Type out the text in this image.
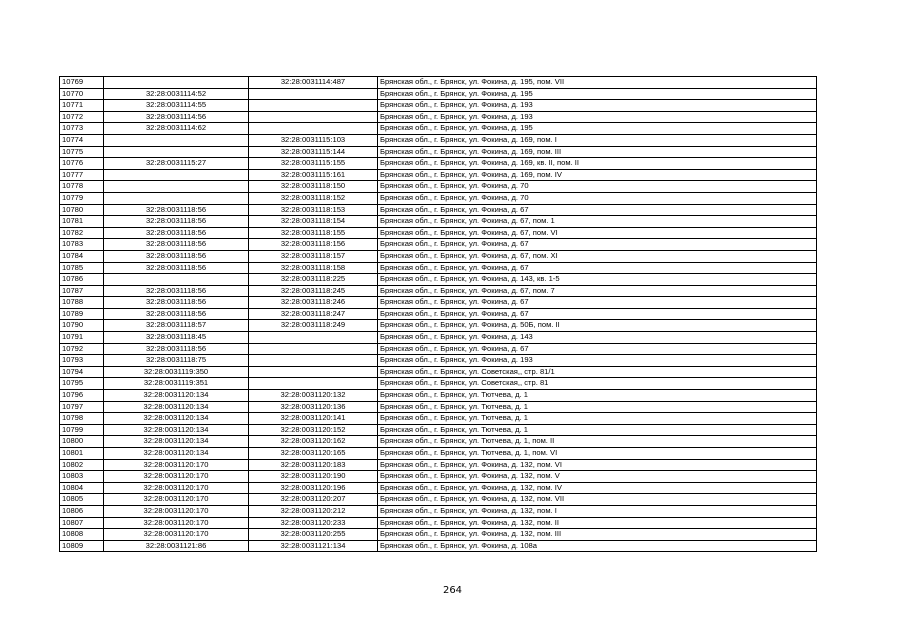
10769		32:28:0031114:487	Брянская обл., г. Брянск, ул. Фокина, д. 195, пом. VII
10770	32:28:0031114:52		Брянская обл., г. Брянск, ул. Фокина, д. 195
10771	32:28:0031114:55		Брянская обл., г. Брянск, ул. Фокина, д. 193
10772	32:28:0031114:56		Брянская обл., г. Брянск, ул. Фокина, д. 193
10773	32:28:0031114:62		Брянская обл., г. Брянск, ул. Фокина, д. 195
10774		32:28:0031115:103	Брянская обл., г. Брянск, ул. Фокина, д. 169, пом. I
10775		32:28:0031115:144	Брянская обл., г. Брянск, ул. Фокина, д. 169, пом. III
10776	32:28:0031115:27	32:28:0031115:155	Брянская обл., г. Брянск, ул. Фокина, д. 169, кв. II, пом. II
10777		32:28:0031115:161	Брянская обл., г. Брянск, ул. Фокина, д. 169, пом. IV
10778		32:28:0031118:150	Брянская обл., г. Брянск, ул. Фокина, д. 70
10779		32:28:0031118:152	Брянская обл., г. Брянск, ул. Фокина, д. 70
10780	32:28:0031118:56	32:28:0031118:153	Брянская обл., г. Брянск, ул. Фокина, д. 67
10781	32:28:0031118:56	32:28:0031118:154	Брянская обл., г. Брянск, ул. Фокина, д. 67, пом. 1
10782	32:28:0031118:56	32:28:0031118:155	Брянская обл., г. Брянск, ул. Фокина, д. 67, пом. VI
10783	32:28:0031118:56	32:28:0031118:156	Брянская обл., г. Брянск, ул. Фокина, д. 67
10784	32:28:0031118:56	32:28:0031118:157	Брянская обл., г. Брянск, ул. Фокина, д. 67, пом. XI
10785	32:28:0031118:56	32:28:0031118:158	Брянская обл., г. Брянск, ул. Фокина, д. 67
10786		32:28:0031118:225	Брянская обл., г. Брянск, ул. Фокина, д. 143, кв. 1-5
10787	32:28:0031118:56	32:28:0031118:245	Брянская обл., г. Брянск, ул. Фокина, д. 67, пом. 7
10788	32:28:0031118:56	32:28:0031118:246	Брянская обл., г. Брянск, ул. Фокина, д. 67
10789	32:28:0031118:56	32:28:0031118:247	Брянская обл., г. Брянск, ул. Фокина, д. 67
10790	32:28:0031118:57	32:28:0031118:249	Брянская обл., г. Брянск, ул. Фокина, д. 50Б, пом. II
10791	32:28:0031118:45		Брянская обл., г. Брянск, ул. Фокина, д. 143
10792	32:28:0031118:56		Брянская обл., г. Брянск, ул. Фокина, д. 67
10793	32:28:0031118:75		Брянская обл., г. Брянск, ул. Фокина, д. 193
10794	32:28:0031119:350		Брянская обл., г. Брянск, ул. Советская,, стр. 81/1
10795	32:28:0031119:351		Брянская обл., г. Брянск, ул. Советская,, стр. 81
10796	32:28:0031120:134	32:28:0031120:132	Брянская обл., г. Брянск, ул. Тютчева, д. 1
10797	32:28:0031120:134	32:28:0031120:136	Брянская обл., г. Брянск, ул. Тютчева, д. 1
10798	32:28:0031120:134	32:28:0031120:141	Брянская обл., г. Брянск, ул. Тютчева, д. 1
10799	32:28:0031120:134	32:28:0031120:152	Брянская обл., г. Брянск, ул. Тютчева, д. 1
10800	32:28:0031120:134	32:28:0031120:162	Брянская обл., г. Брянск, ул. Тютчева, д. 1, пом. II
10801	32:28:0031120:134	32:28:0031120:165	Брянская обл., г. Брянск, ул. Тютчева, д. 1, пом. VI
10802	32:28:0031120:170	32:28:0031120:183	Брянская обл., г. Брянск, ул. Фокина, д. 132, пом. VI
10803	32:28:0031120:170	32:28:0031120:190	Брянская обл., г. Брянск, ул. Фокина, д. 132, пом. V
10804	32:28:0031120:170	32:28:0031120:196	Брянская обл., г. Брянск, ул. Фокина, д. 132, пом. IV
10805	32:28:0031120:170	32:28:0031120:207	Брянская обл., г. Брянск, ул. Фокина, д. 132, пом. VII
10806	32:28:0031120:170	32:28:0031120:212	Брянская обл., г. Брянск, ул. Фокина, д. 132, пом. I
10807	32:28:0031120:170	32:28:0031120:233	Брянская обл., г. Брянск, ул. Фокина, д. 132, пом. II
10808	32:28:0031120:170	32:28:0031120:255	Брянская обл., г. Брянск, ул. Фокина, д. 132, пом. III
10809	32:28:0031121:86	32:28:0031121:134	Брянская обл., г. Брянск, ул. Фокина, д. 108а
264
